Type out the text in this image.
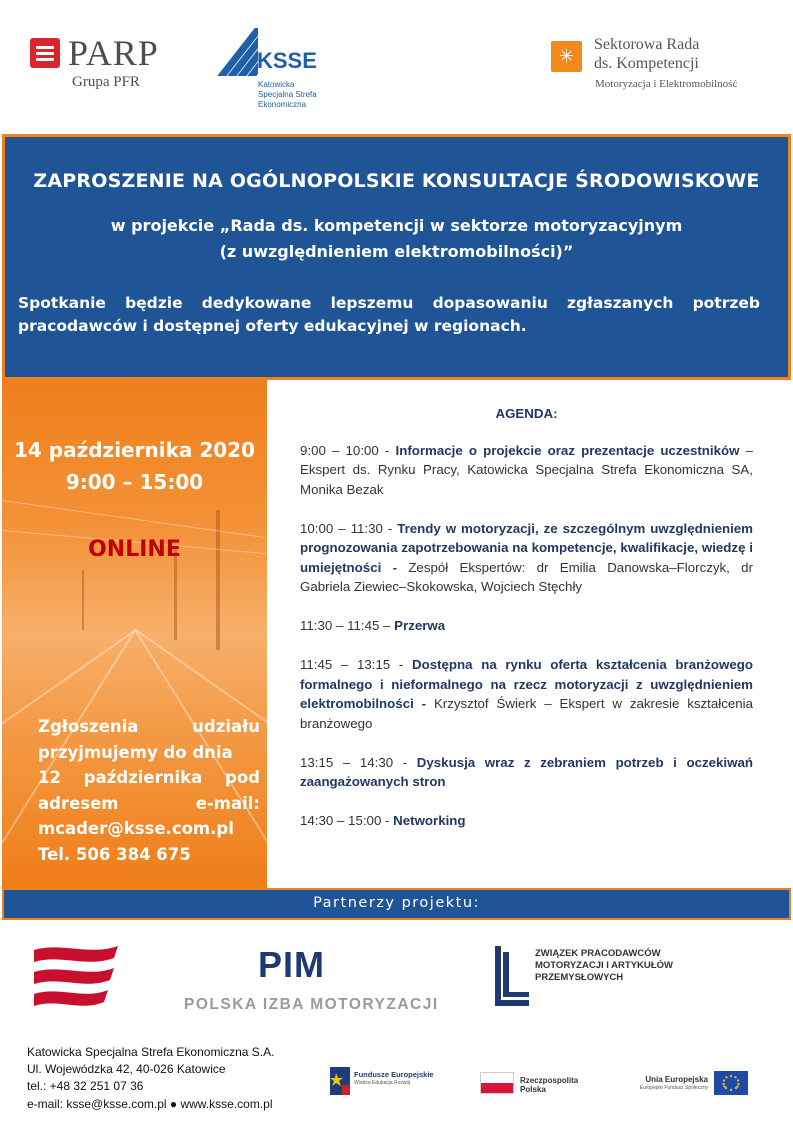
PARP
Grupa PFR
KSSE
Katowicka
Specjalna Strefa
Ekonomiczna
✳
Sektorowa Rada
ds. Kompetencji
Motoryzacja i Elektromobilność
ZAPROSZENIE NA OGÓLNOPOLSKIE KONSULTACJE ŚRODOWISKOWE
w projekcie „Rada ds. kompetencji w sektorze motoryzacyjnym
(z uwzględnieniem elektromobilności)”
Spotkanie będzie dedykowane lepszemu dopasowaniu zgłaszanych potrzeb pracodawców i dostępnej oferty edukacyjnej w regionach.
14 października 2020
9:00 – 15:00
ONLINE
Zgłoszenia udziału
przyjmujemy do dnia
12 października pod
adresem e-mail:
mcader@ksse.com.pl
Tel. 506 384 675
AGENDA:
9:00 – 10:00 - Informacje o projekcie oraz prezentacje uczestników – Ekspert ds. Rynku Pracy, Katowicka Specjalna Strefa Ekonomiczna SA, Monika Bezak
10:00 – 11:30 - Trendy w motoryzacji, ze szczególnym uwzględnieniem prognozowania zapotrzebowania na kompetencje, kwalifikacje, wiedzę i umiejętności - Zespół Ekspertów: dr Emilia Danowska–Florczyk, dr Gabriela Ziewiec–Skokowska, Wojciech Stęchły
11:30 – 11:45 – Przerwa
11:45 – 13:15 - Dostępna na rynku oferta kształcenia branżowego formalnego i nieformalnego na rzecz motoryzacji z uwzględnieniem elektromobilności - Krzysztof Świerk – Ekspert w zakresie kształcenia branżowego
13:15 – 14:30 - Dyskusja wraz z zebraniem potrzeb i oczekiwań zaangażowanych stron
14:30 – 15:00 - Networking
Partnerzy projektu:
PIM
POLSKA IZBA MOTORYZACJI
ZWIĄZEK PRACODAWCÓW
MOTORYZACJI I ARTYKUŁÓW
PRZEMYSŁOWYCH
Katowicka Specjalna Strefa Ekonomiczna S.A.
Ul. Wojewódzka 42, 40-026 Katowice
tel.: +48 32 251 07 36
e-mail: ksse@ksse.com.pl ● www.ksse.com.pl
Fundusze Europejskie
Wiedza Edukacja Rozwój	Rzeczpospolita
Polska
Unia Europejska
Europejski Fundusz Społeczny
